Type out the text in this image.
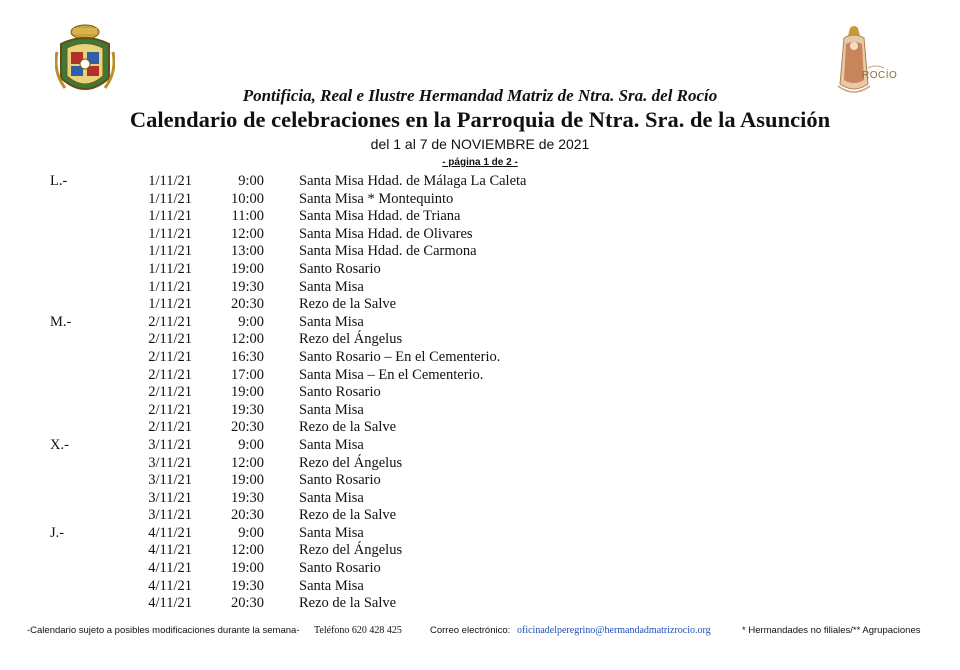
ROCÍO
Pontificia, Real e Ilustre Hermandad Matriz de Ntra. Sra. del Rocío
Calendario de celebraciones en la Parroquia de Ntra. Sra. de la Asunción
del 1 al 7 de NOVIEMBRE de 2021
- página 1 de 2 -
L.-	1/11/21	9:00 Santa Misa Hdad. de Málaga La Caleta
1/11/21	10:00 Santa Misa * Montequinto
1/11/21	11:00 Santa Misa Hdad. de Triana
1/11/21	12:00 Santa Misa Hdad. de Olivares
1/11/21	13:00 Santa Misa Hdad. de Carmona
1/11/21	19:00 Santo Rosario
1/11/21	19:30 Santa Misa
1/11/21	20:30 Rezo de la Salve
M.-	2/11/21	9:00 Santa Misa
2/11/21	12:00 Rezo del Ángelus
2/11/21	16:30 Santo Rosario – En el Cementerio.
2/11/21	17:00 Santa Misa – En el Cementerio.
2/11/21	19:00 Santo Rosario
2/11/21	19:30 Santa Misa
2/11/21	20:30 Rezo de la Salve
X.-	3/11/21	9:00 Santa Misa
3/11/21	12:00 Rezo del Ángelus
3/11/21	19:00 Santo Rosario
3/11/21	19:30 Santa Misa
3/11/21	20:30 Rezo de la Salve
J.-	4/11/21	9:00 Santa Misa
4/11/21	12:00 Rezo del Ángelus
4/11/21	19:00 Santo Rosario
4/11/21	19:30 Santa Misa
4/11/21	20:30 Rezo de la Salve
-Calendario sujeto a posibles modificaciones durante la semana- Teléfono 620 428 425	Correo electrónico: oficinadelperegrino@hermandadmatrizrocio.org	* Hermandades no filiales/** Agrupaciones
